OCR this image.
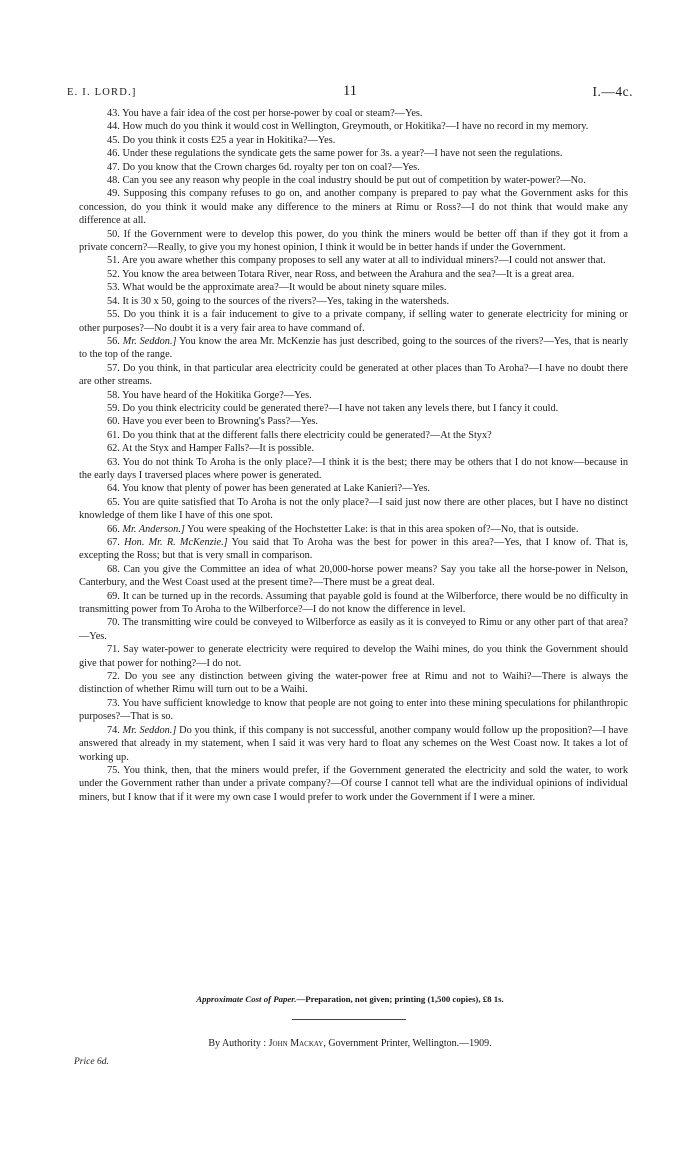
E. I. LORD.]	11	I.—4c.

43. You have a fair idea of the cost per horse-power by coal or steam?—Yes.

44. How much do you think it would cost in Wellington, Greymouth, or Hokitika?—I have no record in my memory.

45. Do you think it costs £25 a year in Hokitika?—Yes.

46. Under these regulations the syndicate gets the same power for 3s. a year?—I have not seen the regulations.

47. Do you know that the Crown charges 6d. royalty per ton on coal?—Yes.

48. Can you see any reason why people in the coal industry should be put out of competition by water-power?—No.

49. Supposing this company refuses to go on, and another company is prepared to pay what the Government asks for this concession, do you think it would make any difference to the miners at Rimu or Ross?—I do not think that would make any difference at all.

50. If the Government were to develop this power, do you think the miners would be better off than if they got it from a private concern?—Really, to give you my honest opinion, I think it would be in better hands if under the Government.

51. Are you aware whether this company proposes to sell any water at all to individual miners?—I could not answer that.

52. You know the area between Totara River, near Ross, and between the Arahura and the sea?—It is a great area.

53. What would be the approximate area?—It would be about ninety square miles.

54. It is 30 x 50, going to the sources of the rivers?—Yes, taking in the watersheds.

55. Do you think it is a fair inducement to give to a private company, if selling water to generate electricity for mining or other purposes?—No doubt it is a very fair area to have command of.

56. Mr. Seddon.] You know the area Mr. McKenzie has just described, going to the sources of the rivers?—Yes, that is nearly to the top of the range.

57. Do you think, in that particular area electricity could be generated at other places than To Aroha?—I have no doubt there are other streams.

58. You have heard of the Hokitika Gorge?—Yes.

59. Do you think electricity could be generated there?—I have not taken any levels there, but I fancy it could.

60. Have you ever been to Browning's Pass?—Yes.

61. Do you think that at the different falls there electricity could be generated?—At the Styx?

62. At the Styx and Hamper Falls?—It is possible.

63. You do not think To Aroha is the only place?—I think it is the best; there may be others that I do not know—because in the early days I traversed places where power is generated.

64. You know that plenty of power has been generated at Lake Kanieri?—Yes.

65. You are quite satisfied that To Aroha is not the only place?—I said just now there are other places, but I have no distinct knowledge of them like I have of this one spot.

66. Mr. Anderson.] You were speaking of the Hochstetter Lake: is that in this area spoken of?—No, that is outside.

67. Hon. Mr. R. McKenzie.] You said that To Aroha was the best for power in this area?—Yes, that I know of. That is, excepting the Ross; but that is very small in comparison.

68. Can you give the Committee an idea of what 20,000-horse power means? Say you take all the horse-power in Nelson, Canterbury, and the West Coast used at the present time?—There must be a great deal.

69. It can be turned up in the records. Assuming that payable gold is found at the Wilberforce, there would be no difficulty in transmitting power from To Aroha to the Wilberforce?—I do not know the difference in level.

70. The transmitting wire could be conveyed to Wilberforce as easily as it is conveyed to Rimu or any other part of that area?—Yes.

71. Say water-power to generate electricity were required to develop the Waihi mines, do you think the Government should give that power for nothing?—I do not.

72. Do you see any distinction between giving the water-power free at Rimu and not to Waihi?—There is always the distinction of whether Rimu will turn out to be a Waihi.

73. You have sufficient knowledge to know that people are not going to enter into these mining speculations for philanthropic purposes?—That is so.

74. Mr. Seddon.] Do you think, if this company is not successful, another company would follow up the proposition?—I have answered that already in my statement, when I said it was very hard to float any schemes on the West Coast now. It takes a lot of working up.

75. You think, then, that the miners would prefer, if the Government generated the electricity and sold the water, to work under the Government rather than under a private company?—Of course I cannot tell what are the individual opinions of individual miners, but I know that if it were my own case I would prefer to work under the Government if I were a miner.

Approximate Cost of Paper.—Preparation, not given; printing (1,500 copies), £8 1s.
By Authority : John Mackay, Government Printer, Wellington.—1909.
Price 6d.
